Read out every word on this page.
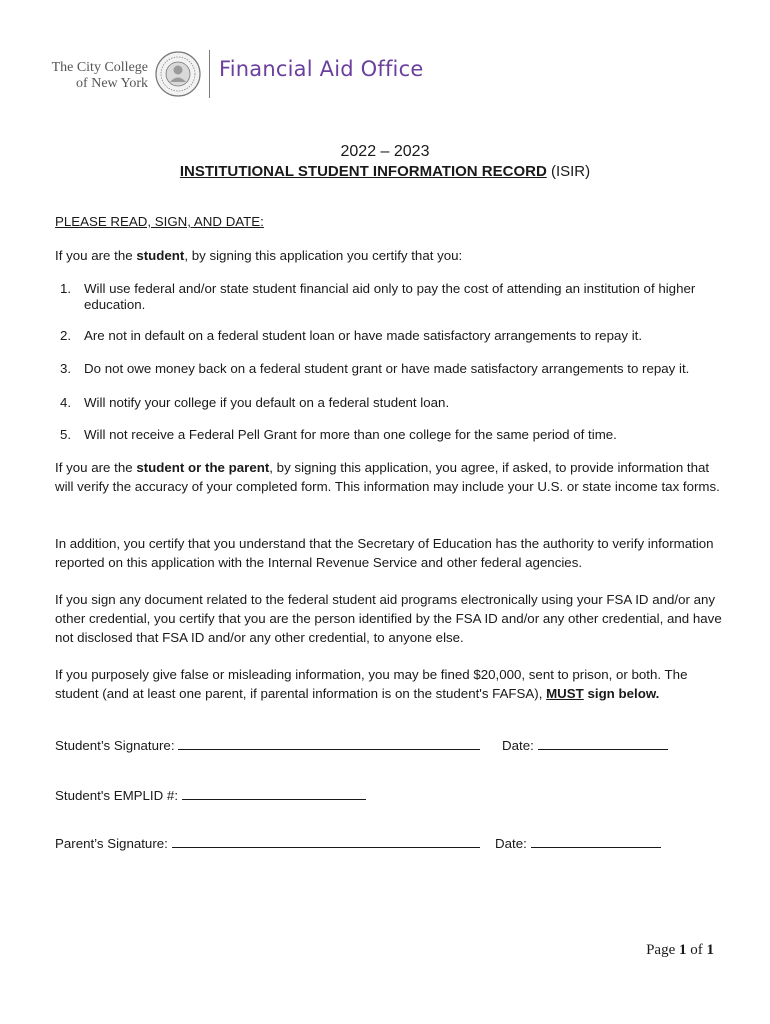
The City College
of New York
Financial Aid Office
2022 – 2023
INSTITUTIONAL STUDENT INFORMATION RECORD (ISIR)
PLEASE READ, SIGN, AND DATE:
If you are the student, by signing this application you certify that you:
1. Will use federal and/or state student financial aid only to pay the cost of attending an institution of higher education.
2. Are not in default on a federal student loan or have made satisfactory arrangements to repay it.
3. Do not owe money back on a federal student grant or have made satisfactory arrangements to repay it.
4. Will notify your college if you default on a federal student loan.
5. Will not receive a Federal Pell Grant for more than one college for the same period of time.
If you are the student or the parent, by signing this application, you agree, if asked, to provide information that will verify the accuracy of your completed form. This information may include your U.S. or state income tax forms.
In addition, you certify that you understand that the Secretary of Education has the authority to verify information reported on this application with the Internal Revenue Service and other federal agencies.
If you sign any document related to the federal student aid programs electronically using your FSA ID and/or any other credential, you certify that you are the person identified by the FSA ID and/or any other credential, and have not disclosed that FSA ID and/or any other credential, to anyone else.
If you purposely give false or misleading information, you may be fined $20,000, sent to prison, or both. The student (and at least one parent, if parental information is on the student's FAFSA), MUST sign below.
Student’s Signature:	Date:
Student's EMPLID #:
Parent’s Signature:	Date:
Page 1 of 1
